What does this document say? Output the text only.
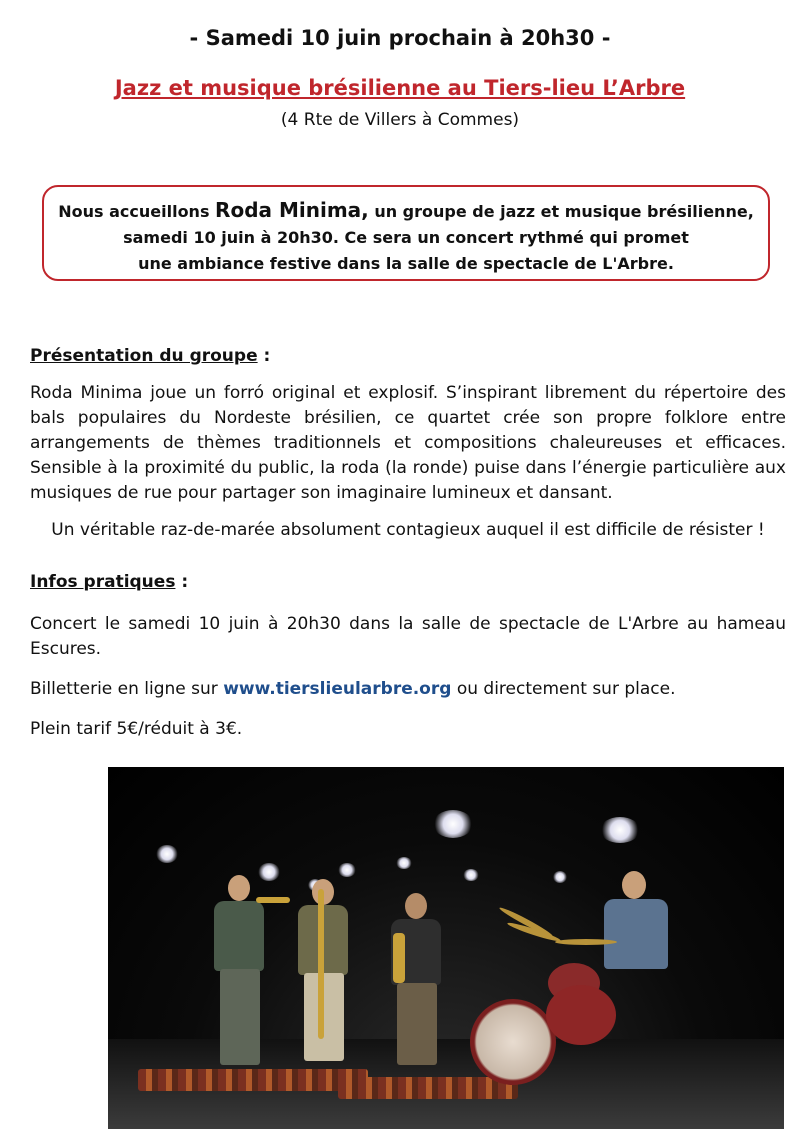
- Samedi 10 juin prochain à 20h30 -
Jazz et musique brésilienne au Tiers-lieu L’Arbre
(4 Rte de Villers à Commes)
Nous accueillons Roda Minima, un groupe de jazz et musique brésilienne,
samedi 10 juin à 20h30. Ce sera un concert rythmé qui promet
une ambiance festive dans la salle de spectacle de L'Arbre.
Présentation du groupe :
Roda Minima joue un forró original et explosif. S’inspirant librement du répertoire des bals populaires du Nordeste brésilien, ce quartet crée son propre folklore entre arrangements de thèmes traditionnels et compositions chaleureuses et efficaces. Sensible à la proximité du public, la roda (la ronde) puise dans l’énergie particulière aux musiques de rue pour partager son imaginaire lumineux et dansant.
Un véritable raz-de-marée absolument contagieux auquel il est difficile de résister !
Infos pratiques :
Concert le samedi 10 juin à 20h30 dans la salle de spectacle de L'Arbre au hameau Escures.
Billetterie en ligne sur www.tierslieularbre.org ou directement sur place.
Plein tarif 5€/réduit à 3€.
